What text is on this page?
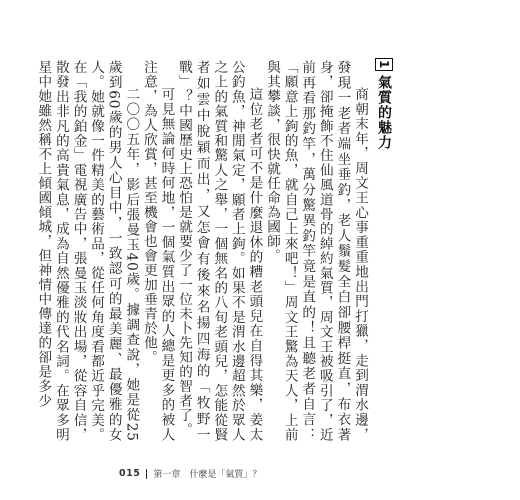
1氣質的魅力

商朝末年，周文王心事重重地出門打獵，走到渭水邊，發現一老者端坐垂釣，老人鬚髮全白卻腰桿挺直，布衣著身，卻掩飾不住仙風道骨的綽約氣質，周文王被吸引了，近前再看那釣竿，萬分驚異釣竿竟是直的！且聽老者自言：「願意上鉤的魚，就自己上來吧！」周文王驚為天人，上前與其攀談，很快就任命為國師。

這位老者可不是什麼退休的糟老頭兒在自得其樂，姜太公釣魚，神閒氣定，願者上鉤。如果不是渭水邊超然於眾人之上的氣質和驚人之舉，一個無名的八旬老頭兒，怎能從賢者如雲中脫穎而出，又怎會有後來名揚四海的「牧野一戰」？中國歷史上恐怕是就要少了一位未卜先知的智者了。

可見無論何時何地，一個氣質出眾的人總是更多的被人注意，為人欣賞，甚至機會也會更加垂青於他。

二〇〇五年，影后張曼玉40歲。據調查說，她是從25歲到60歲的男人心目中，一致認可的最美麗、最優雅的女人。她就像一件精美的藝術品，從任何角度看都近乎完美。在「我的鉑金」電視廣告中，張曼玉淡妝出場，從容自信，散發出非凡的高貴氣息，成為自然優雅的代名詞。在眾多明星中她雖然稱不上傾國傾城，但神情中傳達的卻是多少

015 第一章　什麼是「氣質」？
